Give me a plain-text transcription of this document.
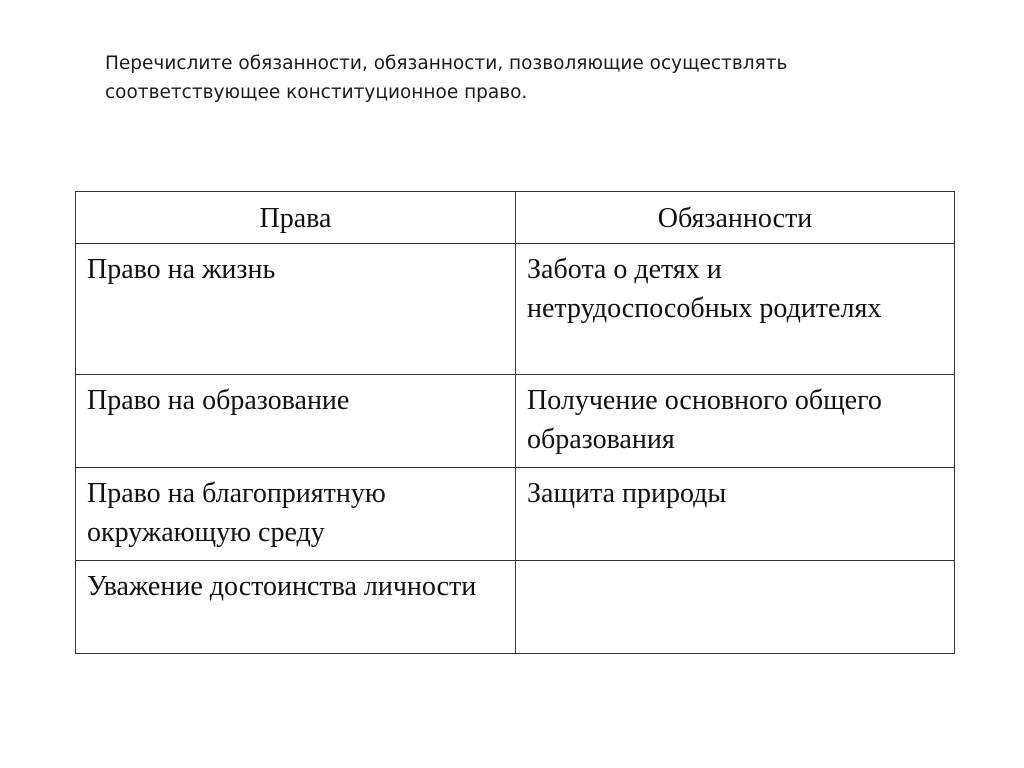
Перечислите обязанности, обязанности, позволяющие осуществлять
соответствующее конституционное право.

Права	Обязанности
Право на жизнь	Забота о детях и нетрудоспособных родителях
Право на образование	Получение основного общего образования
Право на благоприятную окружающую среду	Защита природы
Уважение достоинства личности	
